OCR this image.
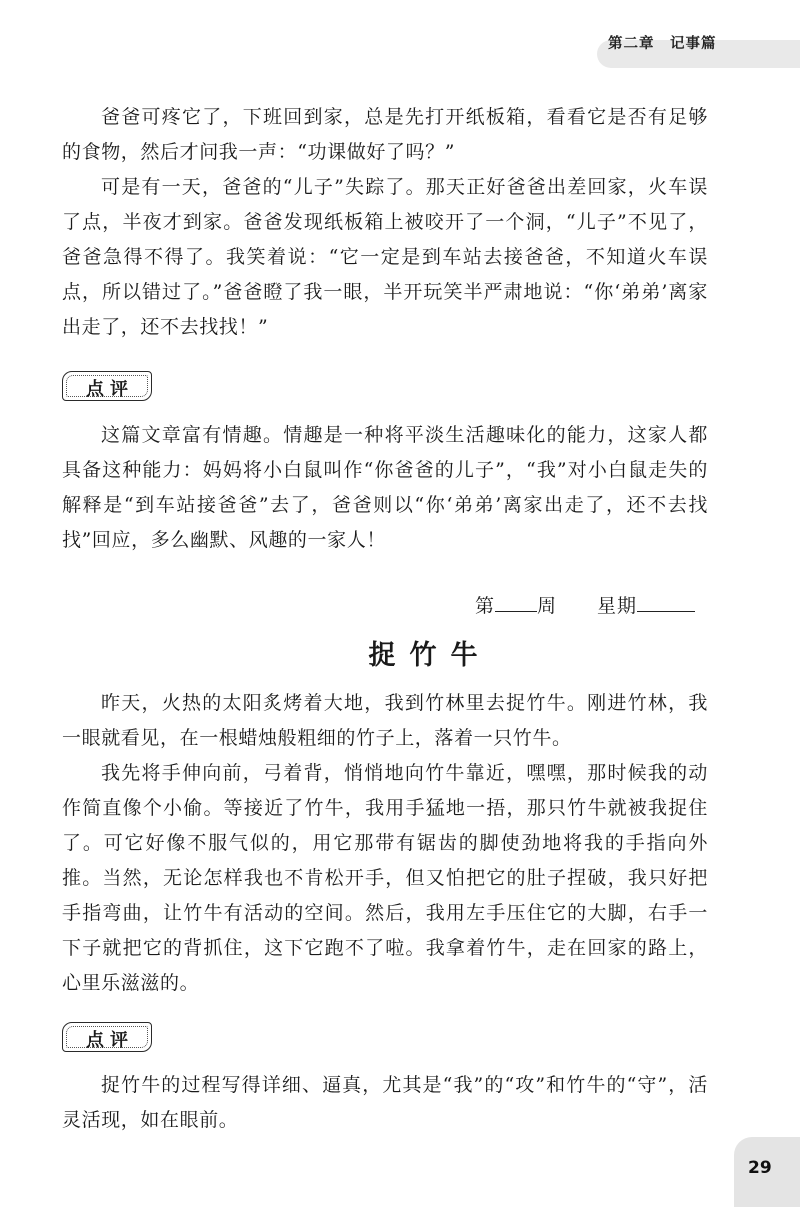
第二章　记事篇

爸爸可疼它了，下班回到家，总是先打开纸板箱，看看它是否有足够的食物，然后才问我一声：“功课做好了吗？”

可是有一天，爸爸的“儿子”失踪了。那天正好爸爸出差回家，火车误了点，半夜才到家。爸爸发现纸板箱上被咬开了一个洞，“儿子”不见了，爸爸急得不得了。我笑着说：“它一定是到车站去接爸爸，不知道火车误点，所以错过了。”爸爸瞪了我一眼，半开玩笑半严肃地说：“你‘弟弟’离家出走了，还不去找找！”

点评

这篇文章富有情趣。情趣是一种将平淡生活趣味化的能力，这家人都具备这种能力：妈妈将小白鼠叫作“你爸爸的儿子”，“我”对小白鼠走失的解释是“到车站接爸爸”去了，爸爸则以“你‘弟弟’离家出走了，还不去找找”回应，多么幽默、风趣的一家人！

第 周 星期
捉竹牛

昨天，火热的太阳炙烤着大地，我到竹林里去捉竹牛。刚进竹林，我一眼就看见，在一根蜡烛般粗细的竹子上，落着一只竹牛。

我先将手伸向前，弓着背，悄悄地向竹牛靠近，嘿嘿，那时候我的动作简直像个小偷。等接近了竹牛，我用手猛地一捂，那只竹牛就被我捉住了。可它好像不服气似的，用它那带有锯齿的脚使劲地将我的手指向外推。当然，无论怎样我也不肯松开手，但又怕把它的肚子捏破，我只好把手指弯曲，让竹牛有活动的空间。然后，我用左手压住它的大脚，右手一下子就把它的背抓住，这下它跑不了啦。我拿着竹牛，走在回家的路上，心里乐滋滋的。

点评

捉竹牛的过程写得详细、逼真，尤其是“我”的“攻”和竹牛的“守”，活灵活现，如在眼前。

29
